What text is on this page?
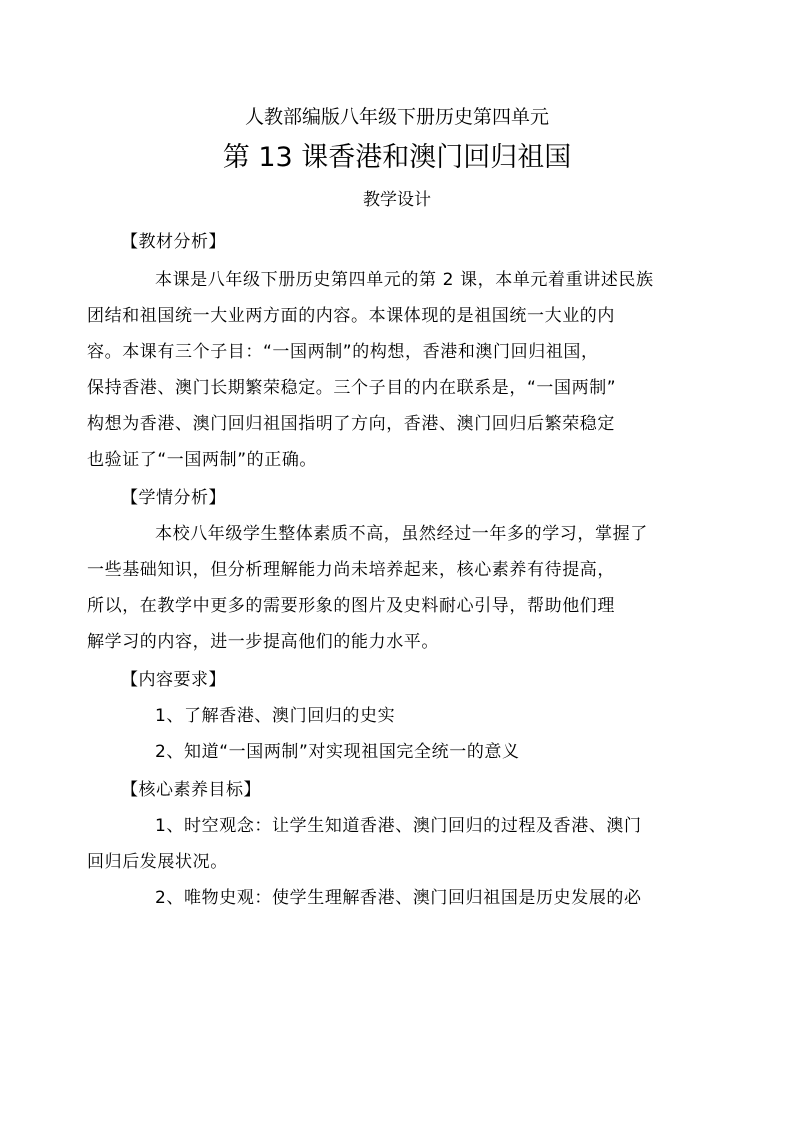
人教部编版八年级下册历史第四单元
第 13 课香港和澳门回归祖国
教学设计
【教材分析】
本课是八年级下册历史第四单元的第 2 课，本单元着重讲述民族
团结和祖国统一大业两方面的内容。本课体现的是祖国统一大业的内
容。本课有三个子目：“一国两制”的构想，香港和澳门回归祖国，
保持香港、澳门长期繁荣稳定。三个子目的内在联系是，“一国两制”
构想为香港、澳门回归祖国指明了方向，香港、澳门回归后繁荣稳定
也验证了“一国两制”的正确。
【学情分析】
本校八年级学生整体素质不高，虽然经过一年多的学习，掌握了
一些基础知识，但分析理解能力尚未培养起来，核心素养有待提高，
所以，在教学中更多的需要形象的图片及史料耐心引导，帮助他们理
解学习的内容，进一步提高他们的能力水平。
【内容要求】
1、了解香港、澳门回归的史实
2、知道“一国两制”对实现祖国完全统一的意义
【核心素养目标】
1、时空观念：让学生知道香港、澳门回归的过程及香港、澳门
回归后发展状况。
2、唯物史观：使学生理解香港、澳门回归祖国是历史发展的必
